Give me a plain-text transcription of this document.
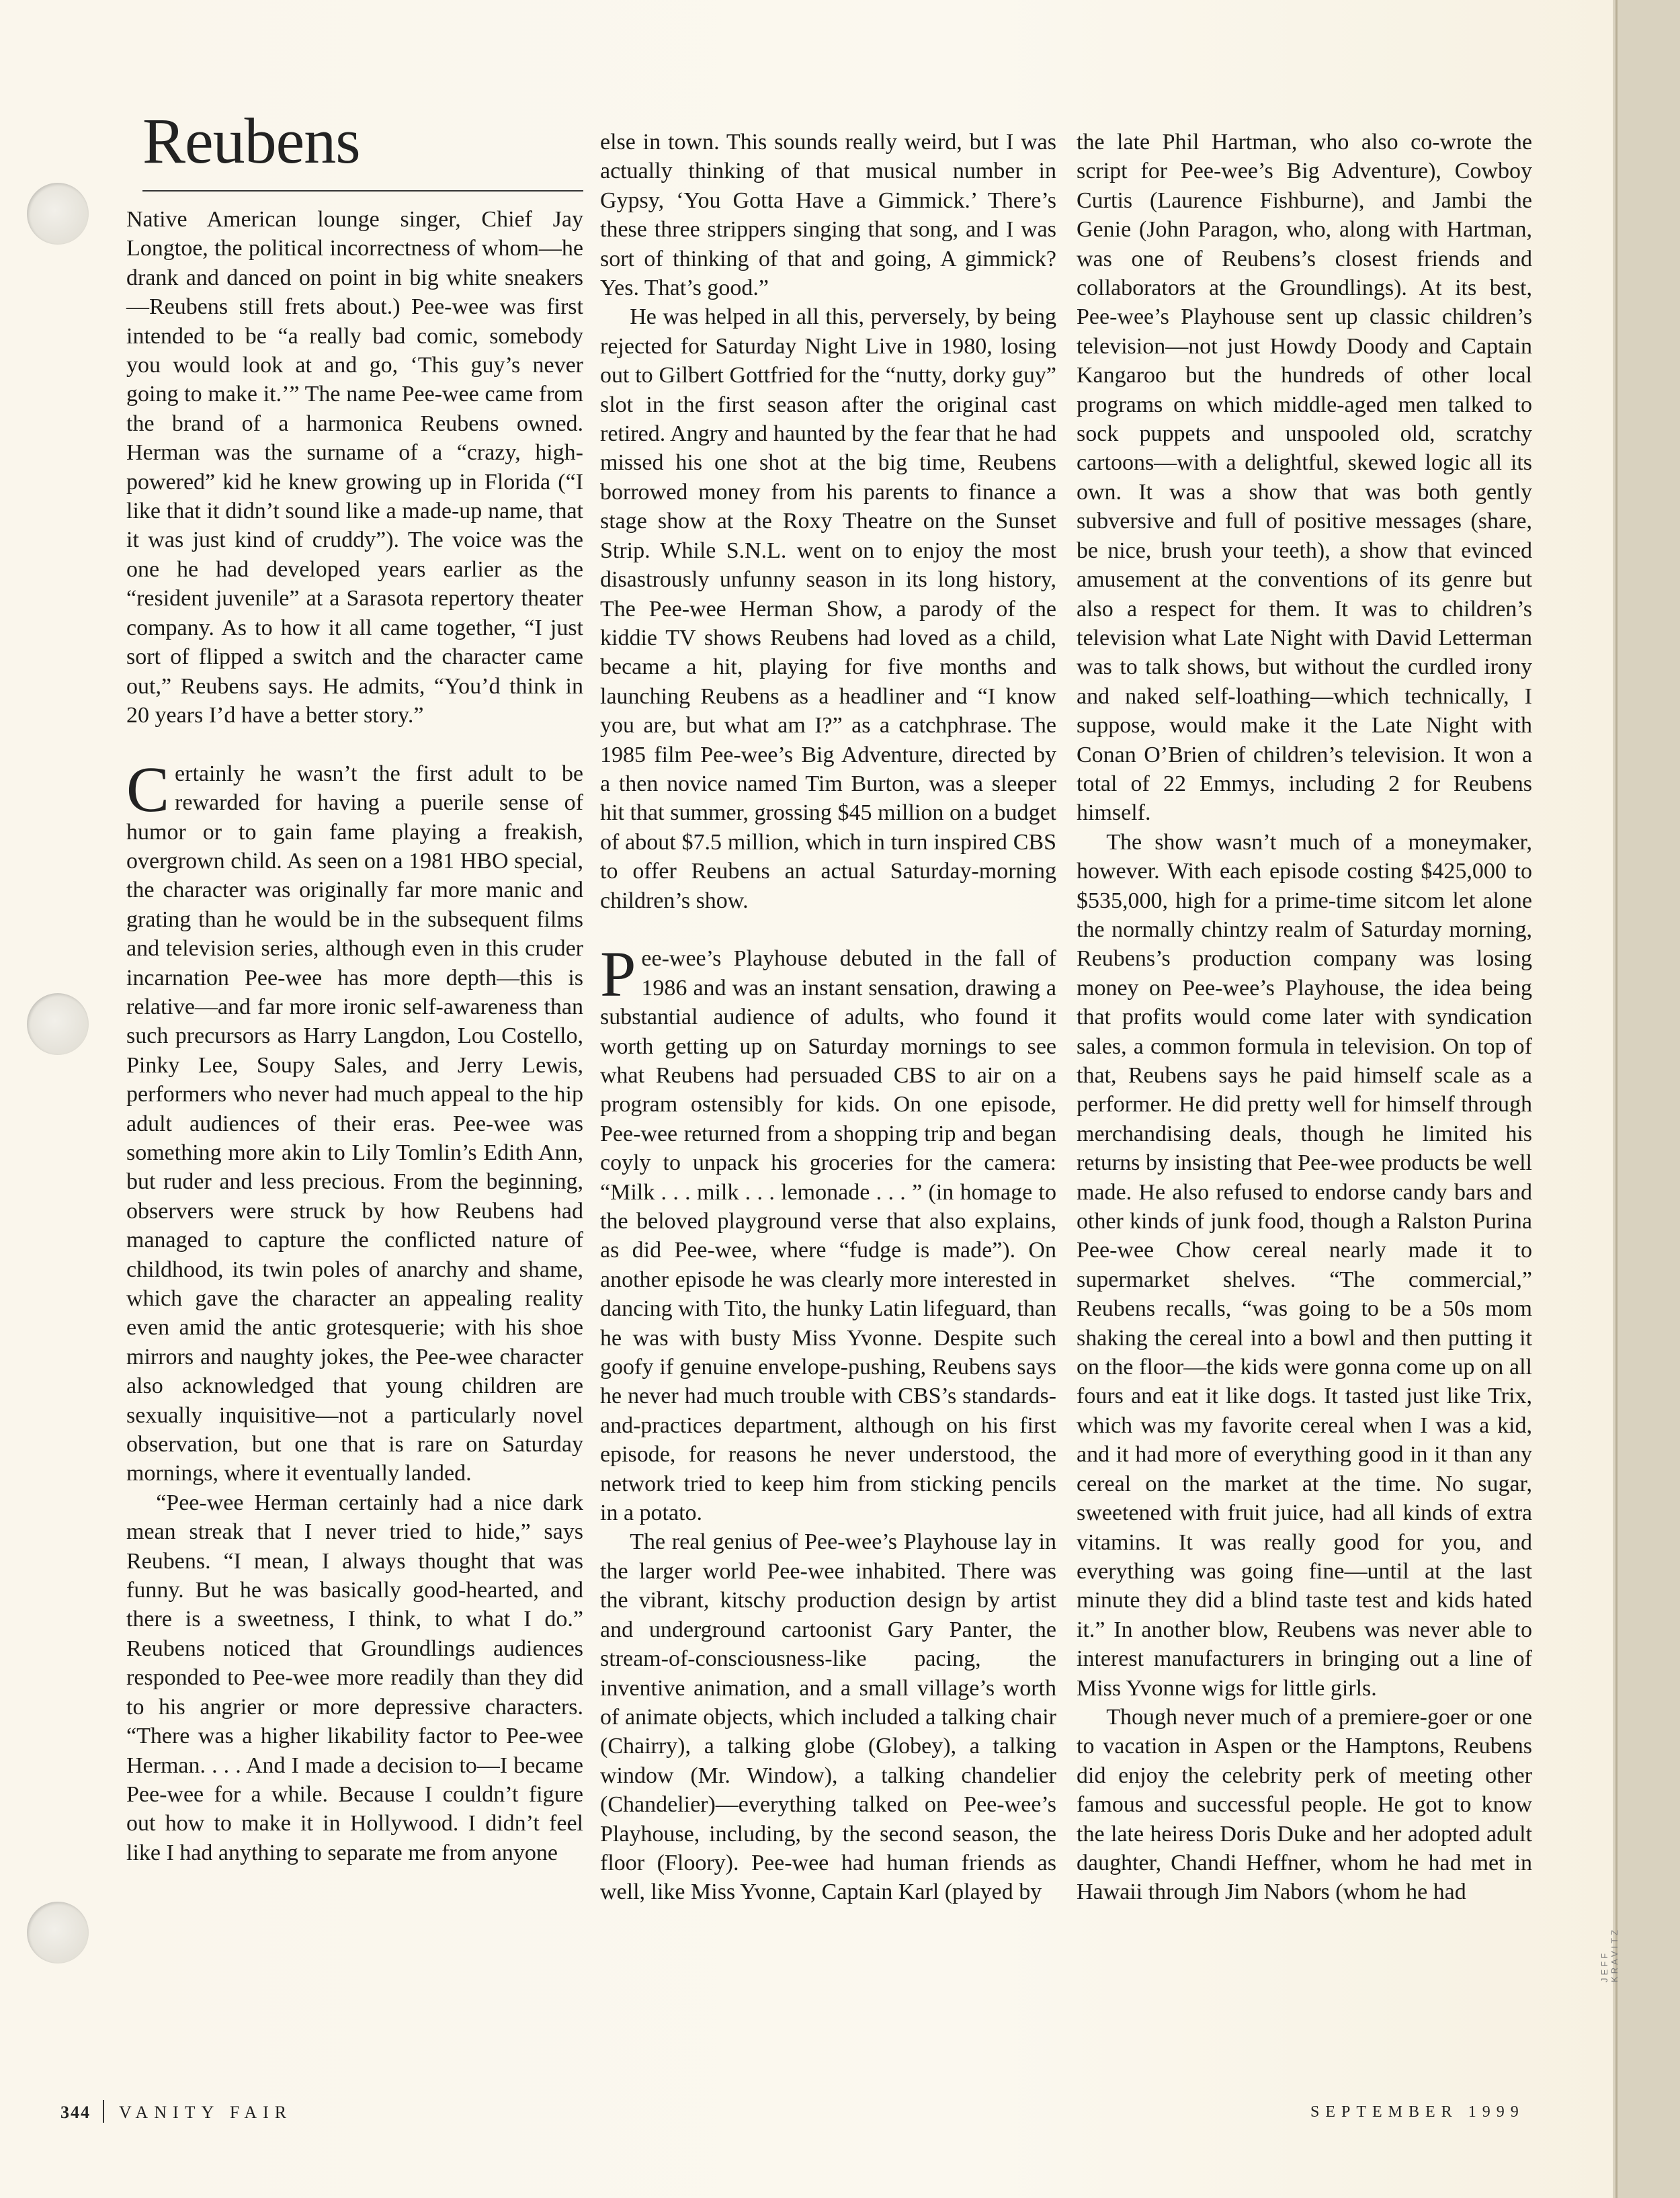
Reubens

Native American lounge singer, Chief Jay Longtoe, the political incorrectness of whom—he drank and danced on point in big white sneakers—Reubens still frets about.) Pee-wee was first intended to be “a really bad comic, somebody you would look at and go, ‘This guy’s never going to make it.’” The name Pee-wee came from the brand of a harmonica Reubens owned. Herman was the surname of a “crazy, high-powered” kid he knew growing up in Florida (“I like that it didn’t sound like a made-up name, that it was just kind of cruddy”). The voice was the one he had developed years earlier as the “resident juvenile” at a Sarasota repertory theater company. As to how it all came together, “I just sort of flipped a switch and the character came out,” Reubens says. He admits, “You’d think in 20 years I’d have a better story.”

Certainly he wasn’t the first adult to be rewarded for having a puerile sense of humor or to gain fame playing a freakish, overgrown child. As seen on a 1981 HBO special, the character was originally far more manic and grating than he would be in the subsequent films and television series, although even in this cruder incarnation Pee-wee has more depth—this is relative—and far more ironic self-awareness than such precursors as Harry Langdon, Lou Costello, Pinky Lee, Soupy Sales, and Jerry Lewis, performers who never had much appeal to the hip adult audiences of their eras. Pee-wee was something more akin to Lily Tomlin’s Edith Ann, but ruder and less precious. From the beginning, observers were struck by how Reubens had managed to capture the conflicted nature of childhood, its twin poles of anarchy and shame, which gave the character an appealing reality even amid the antic grotesquerie; with his shoe mirrors and naughty jokes, the Pee-wee character also acknowledged that young children are sexually inquisitive—not a particularly novel observation, but one that is rare on Saturday mornings, where it eventually landed.

“Pee-wee Herman certainly had a nice dark mean streak that I never tried to hide,” says Reubens. “I mean, I always thought that was funny. But he was basically good-hearted, and there is a sweetness, I think, to what I do.” Reubens noticed that Groundlings audiences responded to Pee-wee more readily than they did to his angrier or more depressive characters. “There was a higher likability factor to Pee-wee Herman. . . . And I made a decision to—I became Pee-wee for a while. Because I couldn’t figure out how to make it in Hollywood. I didn’t feel like I had anything to separate me from anyone

else in town. This sounds really weird, but I was actually thinking of that musical number in Gypsy, ‘You Gotta Have a Gimmick.’ There’s these three strippers singing that song, and I was sort of thinking of that and going, A gimmick? Yes. That’s good.”

He was helped in all this, perversely, by being rejected for Saturday Night Live in 1980, losing out to Gilbert Gottfried for the “nutty, dorky guy” slot in the first season after the original cast retired. Angry and haunted by the fear that he had missed his one shot at the big time, Reubens borrowed money from his parents to finance a stage show at the Roxy Theatre on the Sunset Strip. While S.N.L. went on to enjoy the most disastrously unfunny season in its long history, The Pee-wee Herman Show, a parody of the kiddie TV shows Reubens had loved as a child, became a hit, playing for five months and launching Reubens as a headliner and “I know you are, but what am I?” as a catchphrase. The 1985 film Pee-wee’s Big Adventure, directed by a then novice named Tim Burton, was a sleeper hit that summer, grossing $45 million on a budget of about $7.5 million, which in turn inspired CBS to offer Reubens an actual Saturday-morning children’s show.

Pee-wee’s Playhouse debuted in the fall of 1986 and was an instant sensation, drawing a substantial audience of adults, who found it worth getting up on Saturday mornings to see what Reubens had persuaded CBS to air on a program ostensibly for kids. On one episode, Pee-wee returned from a shopping trip and began coyly to unpack his groceries for the camera: “Milk . . . milk . . . lemonade . . . ” (in homage to the beloved playground verse that also explains, as did Pee-wee, where “fudge is made”). On another episode he was clearly more interested in dancing with Tito, the hunky Latin lifeguard, than he was with busty Miss Yvonne. Despite such goofy if genuine envelope-pushing, Reubens says he never had much trouble with CBS’s standards-and-practices department, although on his first episode, for reasons he never understood, the network tried to keep him from sticking pencils in a potato.

The real genius of Pee-wee’s Playhouse lay in the larger world Pee-wee inhabited. There was the vibrant, kitschy production design by artist and underground cartoonist Gary Panter, the stream-of-consciousness-like pacing, the inventive animation, and a small village’s worth of animate objects, which included a talking chair (Chairry), a talking globe (Globey), a talking window (Mr. Window), a talking chandelier (Chandelier)—everything talked on Pee-wee’s Playhouse, including, by the second season, the floor (Floory). Pee-wee had human friends as well, like Miss Yvonne, Captain Karl (played by

the late Phil Hartman, who also co-wrote the script for Pee-wee’s Big Adventure), Cowboy Curtis (Laurence Fishburne), and Jambi the Genie (John Paragon, who, along with Hartman, was one of Reubens’s closest friends and collaborators at the Groundlings). At its best, Pee-wee’s Playhouse sent up classic children’s television—not just Howdy Doody and Captain Kangaroo but the hundreds of other local programs on which middle-aged men talked to sock puppets and unspooled old, scratchy cartoons—with a delightful, skewed logic all its own. It was a show that was both gently subversive and full of positive messages (share, be nice, brush your teeth), a show that evinced amusement at the conventions of its genre but also a respect for them. It was to children’s television what Late Night with David Letterman was to talk shows, but without the curdled irony and naked self-loathing—which technically, I suppose, would make it the Late Night with Conan O’Brien of children’s television. It won a total of 22 Emmys, including 2 for Reubens himself.

The show wasn’t much of a moneymaker, however. With each episode costing $425,000 to $535,000, high for a prime-time sitcom let alone the normally chintzy realm of Saturday morning, Reubens’s production company was losing money on Pee-wee’s Playhouse, the idea being that profits would come later with syndication sales, a common formula in television. On top of that, Reubens says he paid himself scale as a performer. He did pretty well for himself through merchandising deals, though he limited his returns by insisting that Pee-wee products be well made. He also refused to endorse candy bars and other kinds of junk food, though a Ralston Purina Pee-wee Chow cereal nearly made it to supermarket shelves. “The commercial,” Reubens recalls, “was going to be a 50s mom shaking the cereal into a bowl and then putting it on the floor—the kids were gonna come up on all fours and eat it like dogs. It tasted just like Trix, which was my favorite cereal when I was a kid, and it had more of everything good in it than any cereal on the market at the time. No sugar, sweetened with fruit juice, had all kinds of extra vitamins. It was really good for you, and everything was going fine—until at the last minute they did a blind taste test and kids hated it.” In another blow, Reubens was never able to interest manufacturers in bringing out a line of Miss Yvonne wigs for little girls.

Though never much of a premiere-goer or one to vacation in Aspen or the Hamptons, Reubens did enjoy the celebrity perk of meeting other famous and successful people. He got to know the late heiress Doris Duke and her adopted adult daughter, Chandi Heffner, whom he had met in Hawaii through Jim Nabors (whom he had

344 VANITY FAIR	SEPTEMBER 1999
JEFF KRAVITZ
